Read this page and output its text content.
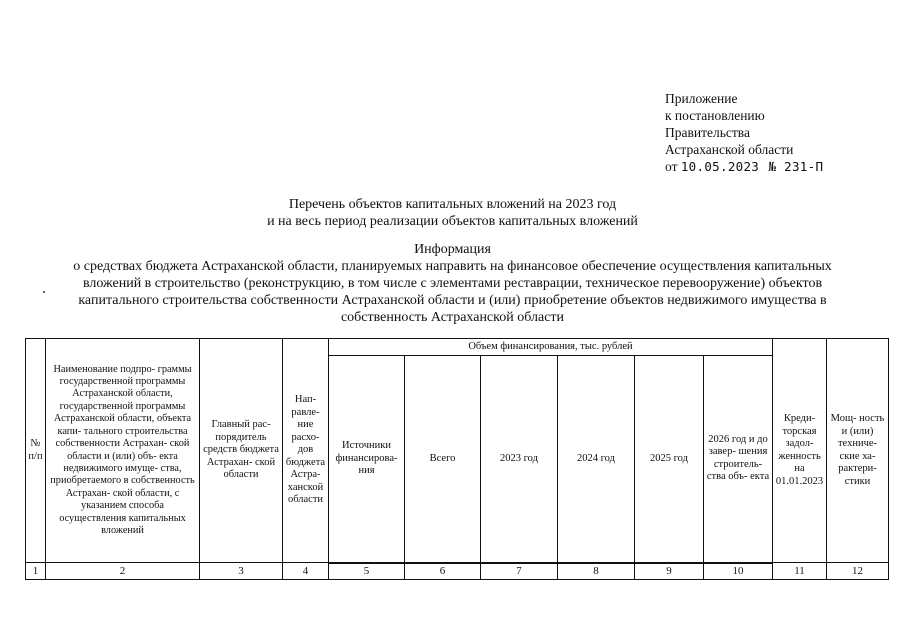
Приложение
к постановлению
Правительства
Астраханской области
от 10.05.2023 № 231-П
Перечень объектов капитальных вложений на 2023 год
и на весь период реализации объектов капитальных вложений
Информация
о средствах бюджета Астраханской области, планируемых направить на финансовое обеспечение осуществления капитальных
вложений в строительство (реконструкцию, в том числе с элементами реставрации, техническое перевооружение) объектов
капитального строительства собственности Астраханской области и (или) приобретение объектов недвижимого имущества в
собственность Астраханской области
№ п/п	Наименование подпро- граммы государственной программы Астраханской области, государственной программы Астраханской области, объекта капи- тального строительства собственности Астрахан- ской области и (или) объ- екта недвижимого имуще- ства, приобретаемого в собственность Астрахан- ской области, с указанием способа осуществления капитальных вложений	Главный рас- порядитель средств бюджета Астрахан- ской области	Нап- равле- ние расхо- дов бюджета Астра- ханской области	Объем финансирования, тыс. рублей						Креди- торская задол- женность на 01.01.2023	Мощ- ность и (или) техниче- ские ха- рактери- стики
				Источники финансирова- ния	Всего	2023 год	2024 год	2025 год	2026 год и до завер- шения строитель- ства объ- екта		
1	2	3	4	5	6	7	8	9	10	11	12
